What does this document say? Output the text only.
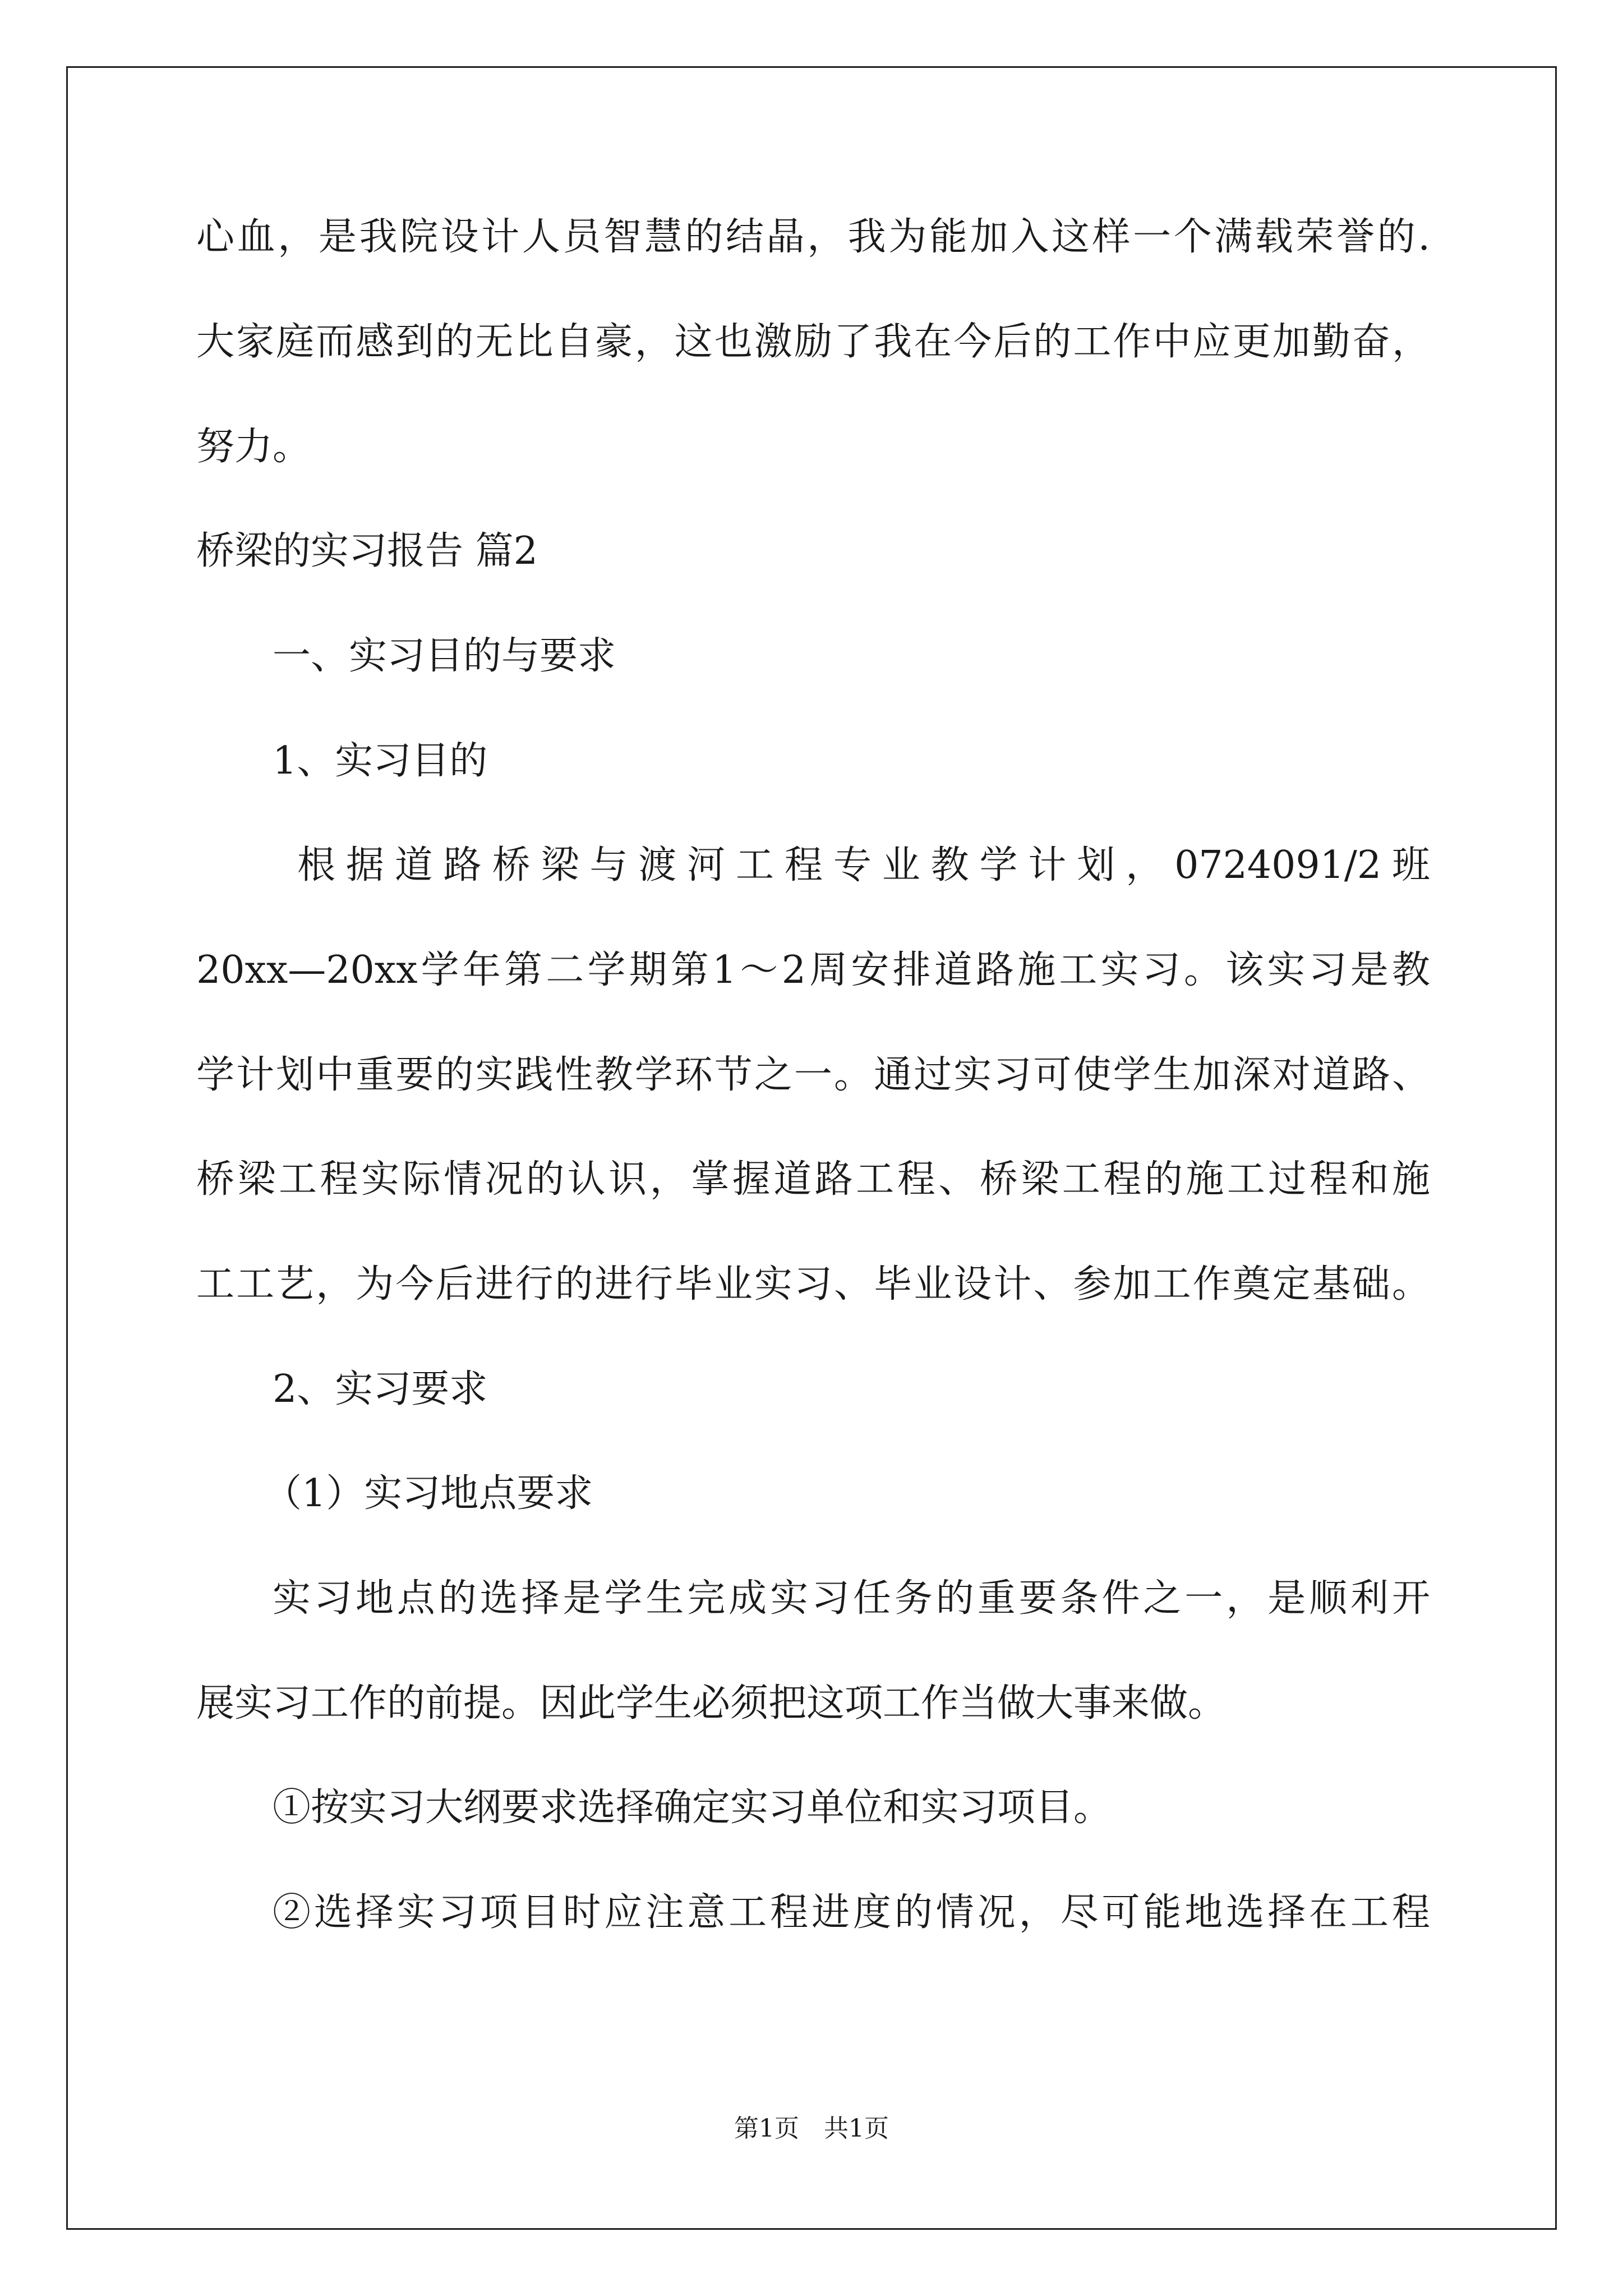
心血，是我院设计人员智慧的结晶，我为能加入这样一个满载荣誉的.
大家庭而感到的无比自豪，这也激励了我在今后的工作中应更加勤奋，
努力。
桥梁的实习报告 篇2
一、实习目的与要求
1、实习目的
根据道路桥梁与渡河工程专业教学计划，0724091/2班
20xx—20xx学年第二学期第1～2周安排道路施工实习。该实习是教
学计划中重要的实践性教学环节之一。通过实习可使学生加深对道路、
桥梁工程实际情况的认识，掌握道路工程、桥梁工程的施工过程和施
工工艺，为今后进行的进行毕业实习、毕业设计、参加工作奠定基础。
2、实习要求
（1）实习地点要求
实习地点的选择是学生完成实习任务的重要条件之一，是顺利开
展实习工作的前提。因此学生必须把这项工作当做大事来做。
①按实习大纲要求选择确定实习单位和实习项目。
②选择实习项目时应注意工程进度的情况，尽可能地选择在工程
第1页　共1页
